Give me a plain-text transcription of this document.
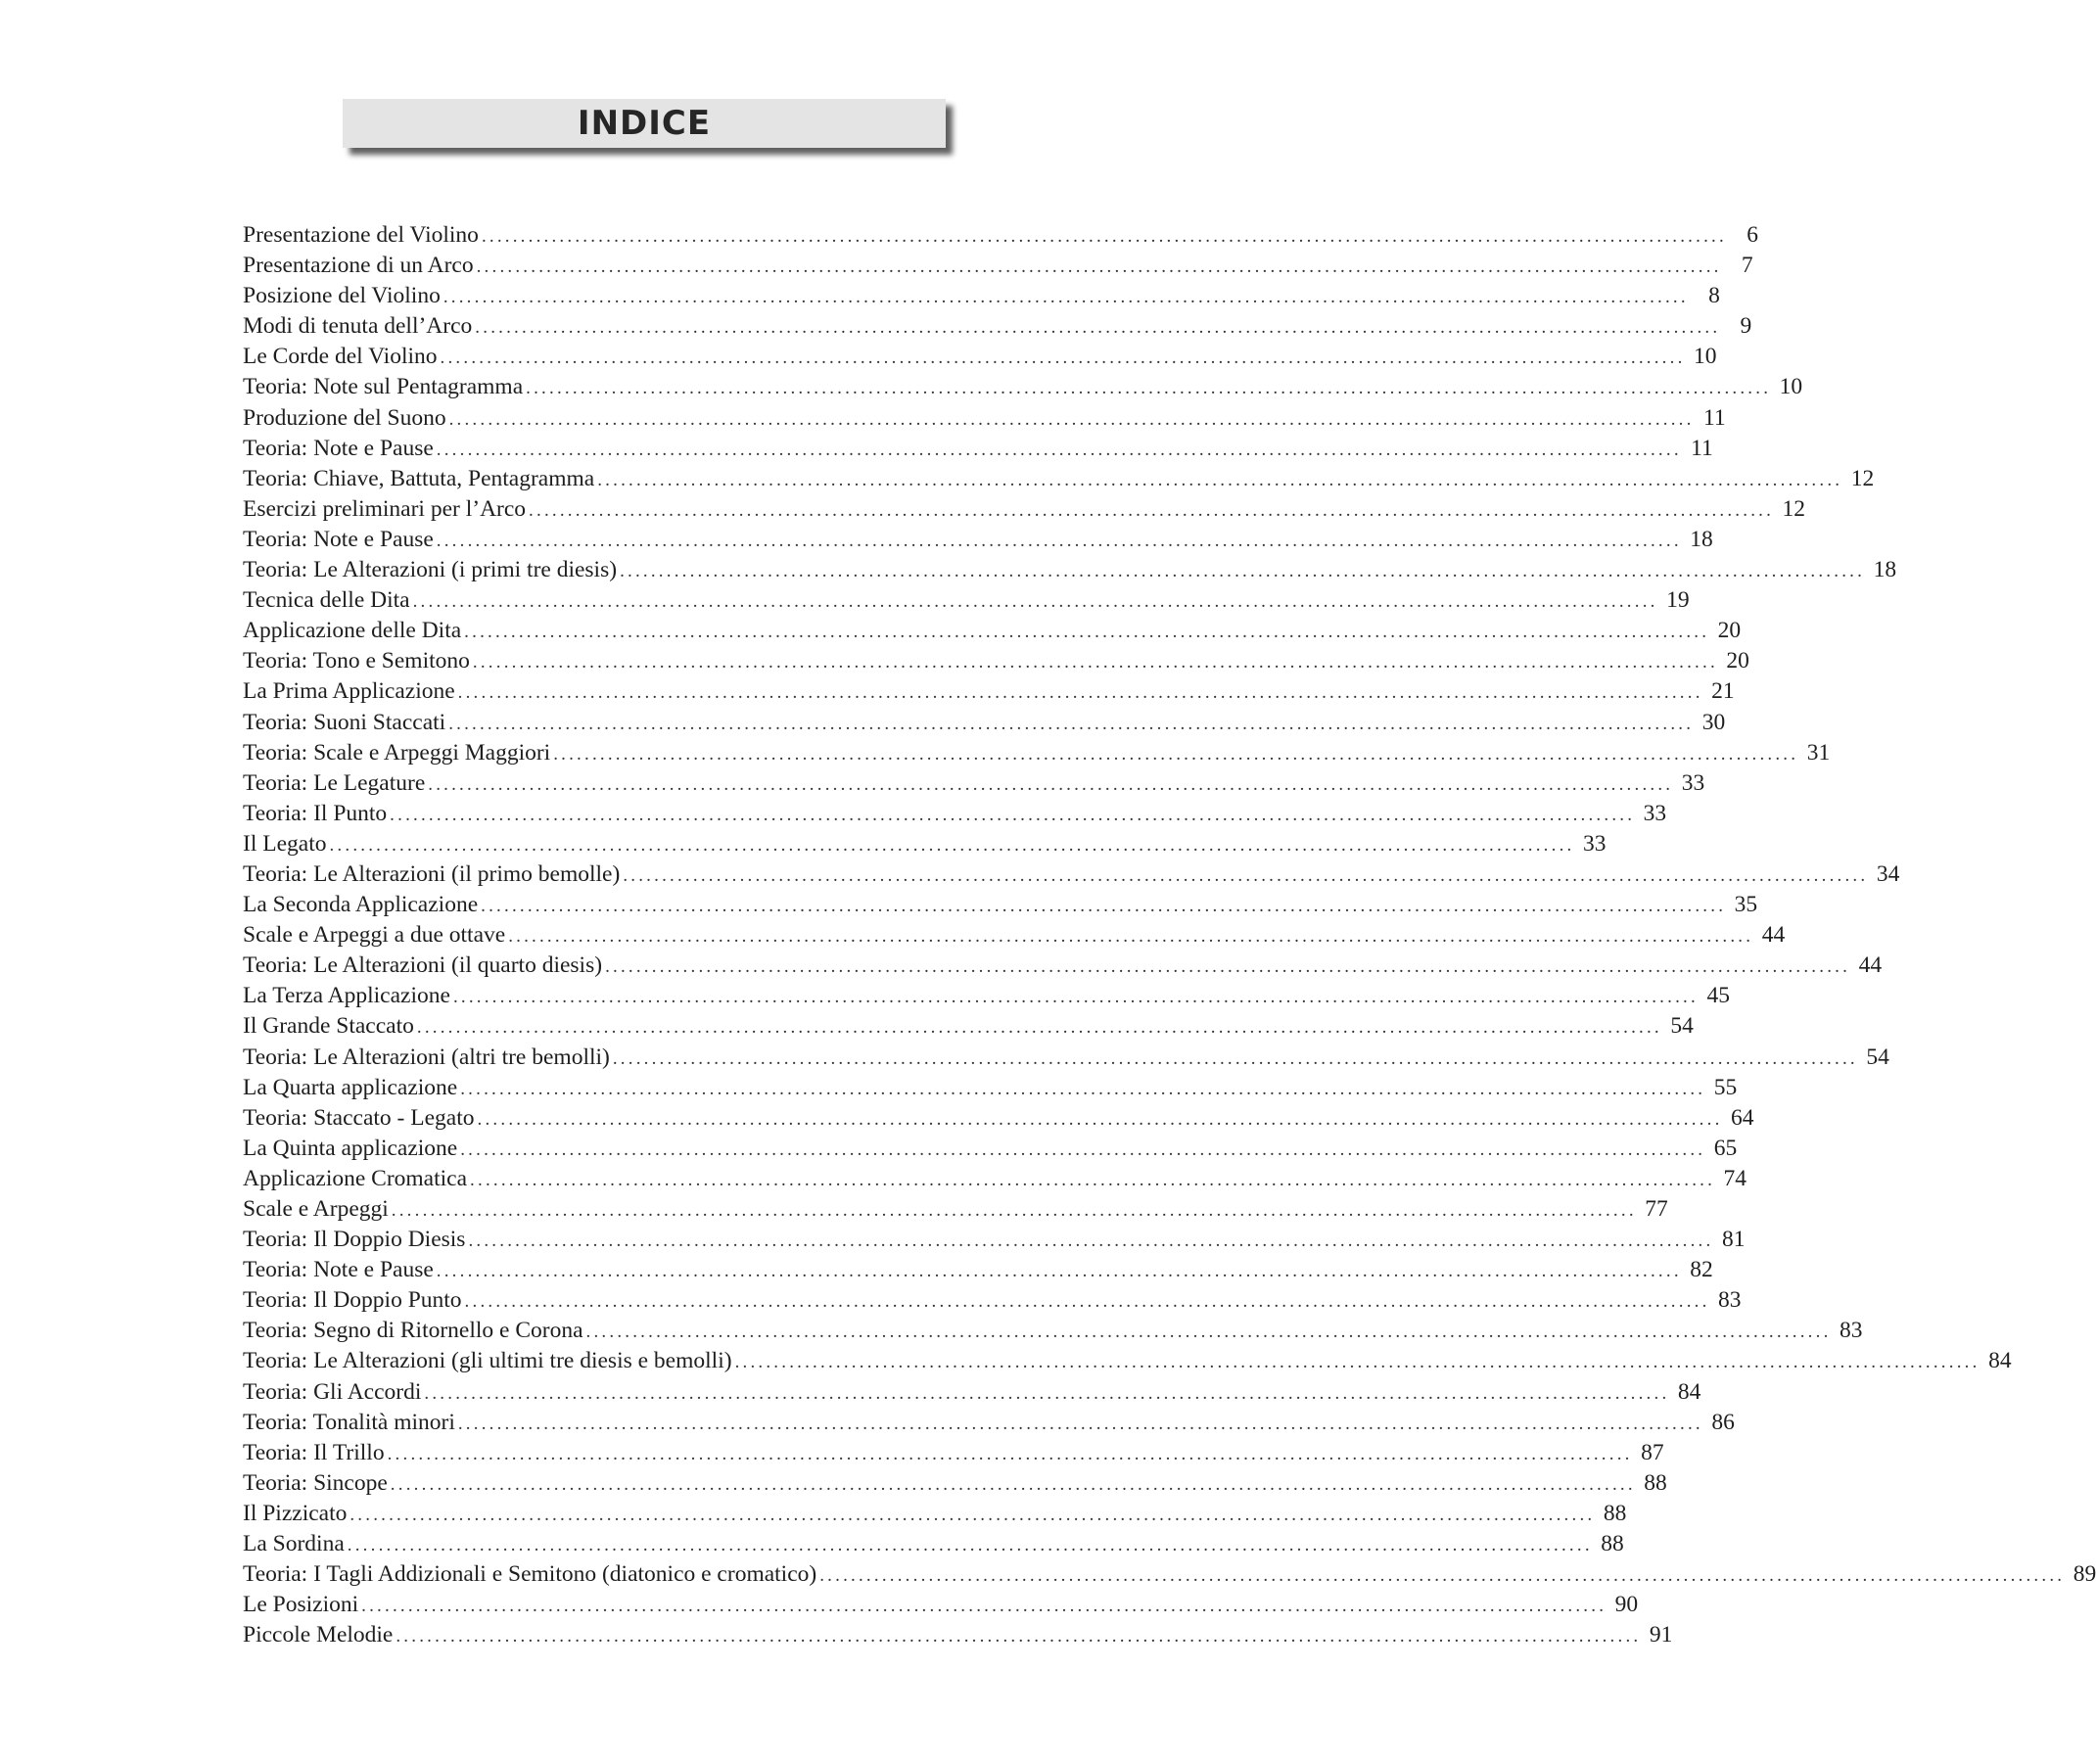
INDICE
Presentazione del Violino ................................................................................................................................................................ 6
Presentazione di un Arco ................................................................................................................................................................ 7
Posizione del Violino ................................................................................................................................................................ 8
Modi di tenuta dell’Arco ................................................................................................................................................................ 9
Le Corde del Violino ................................................................................................................................................................ 10
Teoria: Note sul Pentagramma ................................................................................................................................................................ 10
Produzione del Suono ................................................................................................................................................................ 11
Teoria: Note e Pause ................................................................................................................................................................ 11
Teoria: Chiave, Battuta, Pentagramma ................................................................................................................................................................ 12
Esercizi preliminari per l’Arco ................................................................................................................................................................ 12
Teoria: Note e Pause ................................................................................................................................................................ 18
Teoria: Le Alterazioni (i primi tre diesis) ................................................................................................................................................................ 18
Tecnica delle Dita ................................................................................................................................................................ 19
Applicazione delle Dita ................................................................................................................................................................ 20
Teoria: Tono e Semitono ................................................................................................................................................................ 20
La Prima Applicazione ................................................................................................................................................................ 21
Teoria: Suoni Staccati ................................................................................................................................................................ 30
Teoria: Scale e Arpeggi Maggiori ................................................................................................................................................................ 31
Teoria: Le Legature ................................................................................................................................................................ 33
Teoria: Il Punto ................................................................................................................................................................ 33
Il Legato ................................................................................................................................................................ 33
Teoria: Le Alterazioni (il primo bemolle) ................................................................................................................................................................ 34
La Seconda Applicazione ................................................................................................................................................................ 35
Scale e Arpeggi a due ottave ................................................................................................................................................................ 44
Teoria: Le Alterazioni (il quarto diesis) ................................................................................................................................................................ 44
La Terza Applicazione ................................................................................................................................................................ 45
Il Grande Staccato ................................................................................................................................................................ 54
Teoria: Le Alterazioni (altri tre bemolli) ................................................................................................................................................................ 54
La Quarta applicazione ................................................................................................................................................................ 55
Teoria: Staccato - Legato ................................................................................................................................................................ 64
La Quinta applicazione ................................................................................................................................................................ 65
Applicazione Cromatica ................................................................................................................................................................ 74
Scale e Arpeggi ................................................................................................................................................................ 77
Teoria: Il Doppio Diesis ................................................................................................................................................................ 81
Teoria: Note e Pause ................................................................................................................................................................ 82
Teoria: Il Doppio Punto ................................................................................................................................................................ 83
Teoria: Segno di Ritornello e Corona ................................................................................................................................................................ 83
Teoria: Le Alterazioni (gli ultimi tre diesis e bemolli) ................................................................................................................................................................ 84
Teoria: Gli Accordi ................................................................................................................................................................ 84
Teoria: Tonalità minori ................................................................................................................................................................ 86
Teoria: Il Trillo ................................................................................................................................................................ 87
Teoria: Sincope ................................................................................................................................................................ 88
Il Pizzicato ................................................................................................................................................................ 88
La Sordina ................................................................................................................................................................ 88
Teoria: I Tagli Addizionali e Semitono (diatonico e cromatico) ................................................................................................................................................................ 89
Le Posizioni ................................................................................................................................................................ 90
Piccole Melodie ................................................................................................................................................................ 91
